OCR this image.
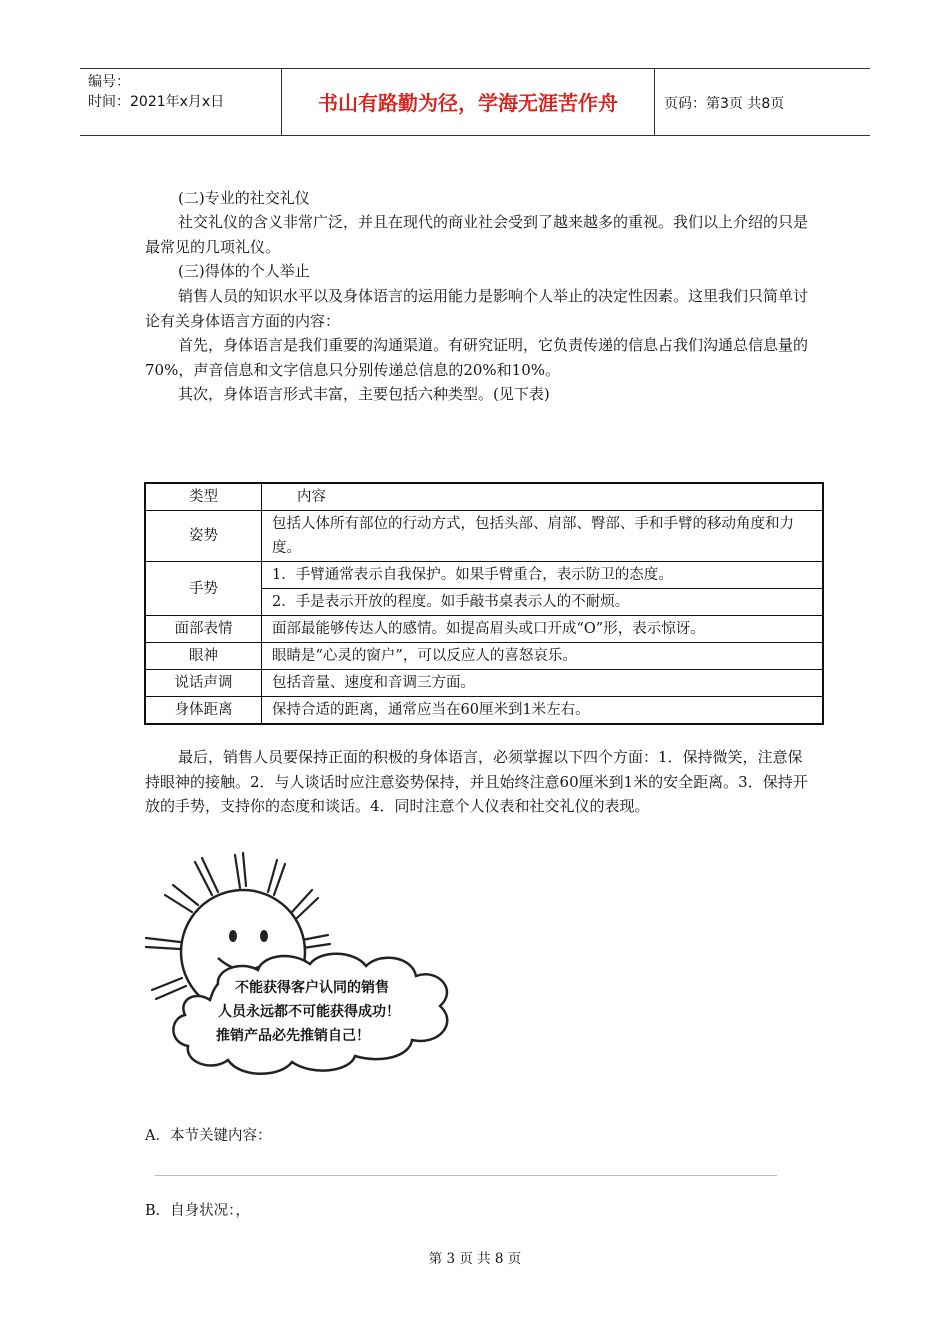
编号：
时间：2021年x月x日	书山有路勤为径，学海无涯苦作舟	页码：第3页 共8页
(二)专业的社交礼仪
社交礼仪的含义非常广泛，并且在现代的商业社会受到了越来越多的重视。我们以上介绍的只是最常见的几项礼仪。
(三)得体的个人举止
销售人员的知识水平以及身体语言的运用能力是影响个人举止的决定性因素。这里我们只简单讨论有关身体语言方面的内容：
首先，身体语言是我们重要的沟通渠道。有研究证明，它负责传递的信息占我们沟通总信息量的70%，声音信息和文字信息只分别传递总信息的20%和10%。
其次，身体语言形式丰富，主要包括六种类型。(见下表)
类型	内容
姿势	包括人体所有部位的行动方式，包括头部、肩部、臀部、手和手臂的移动角度和力度。
手势	1．手臂通常表示自我保护。如果手臂重合，表示防卫的态度。
	2．手是表示开放的程度。如手敲书桌表示人的不耐烦。
面部表情	面部最能够传达人的感情。如提高眉头或口开成“O”形，表示惊讶。
眼神	眼睛是“心灵的窗户”，可以反应人的喜怒哀乐。
说话声调	包括音量、速度和音调三方面。
身体距离	保持合适的距离，通常应当在60厘米到1米左右。
最后，销售人员要保持正面的积极的身体语言，必须掌握以下四个方面：1．保持微笑，注意保持眼神的接触。2．与人谈话时应注意姿势保持，并且始终注意60厘米到1米的安全距离。3．保持开放的手势，支持你的态度和谈话。4．同时注意个人仪表和社交礼仪的表现。
不能获得客户认同的销售
人员永远都不可能获得成功！
推销产品必先推销自己！
A．本节关键内容：
B．自身状况：，
第 3 页 共 8 页
